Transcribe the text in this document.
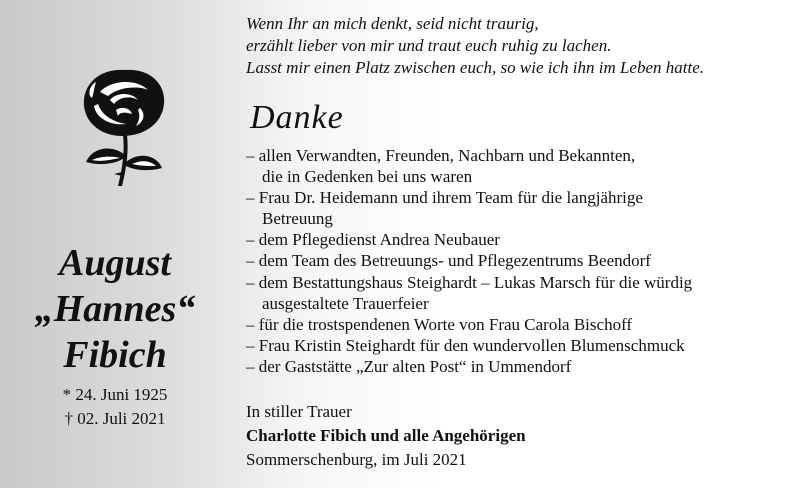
August
„Hannes“
Fibich
* 24. Juni 1925
† 02. Juli 2021
Wenn Ihr an mich denkt, seid nicht traurig,
erzählt lieber von mir und traut euch ruhig zu lachen.
Lasst mir einen Platz zwischen euch, so wie ich ihn im Leben hatte.
Danke
– allen Verwandten, Freunden, Nachbarn und Bekannten,
die in Gedenken bei uns waren
– Frau Dr. Heidemann und ihrem Team für die langjährige
Betreuung
– dem Pflegedienst Andrea Neubauer
– dem Team des Betreuungs- und Pflegezentrums Beendorf
– dem Bestattungshaus Steighardt – Lukas Marsch für die würdig
ausgestaltete Trauerfeier
– für die trostspendenen Worte von Frau Carola Bischoff
– Frau Kristin Steighardt für den wundervollen Blumenschmuck
– der Gaststätte „Zur alten Post“ in Ummendorf
In stiller Trauer
Charlotte Fibich und alle Angehörigen
Sommerschenburg, im Juli 2021
